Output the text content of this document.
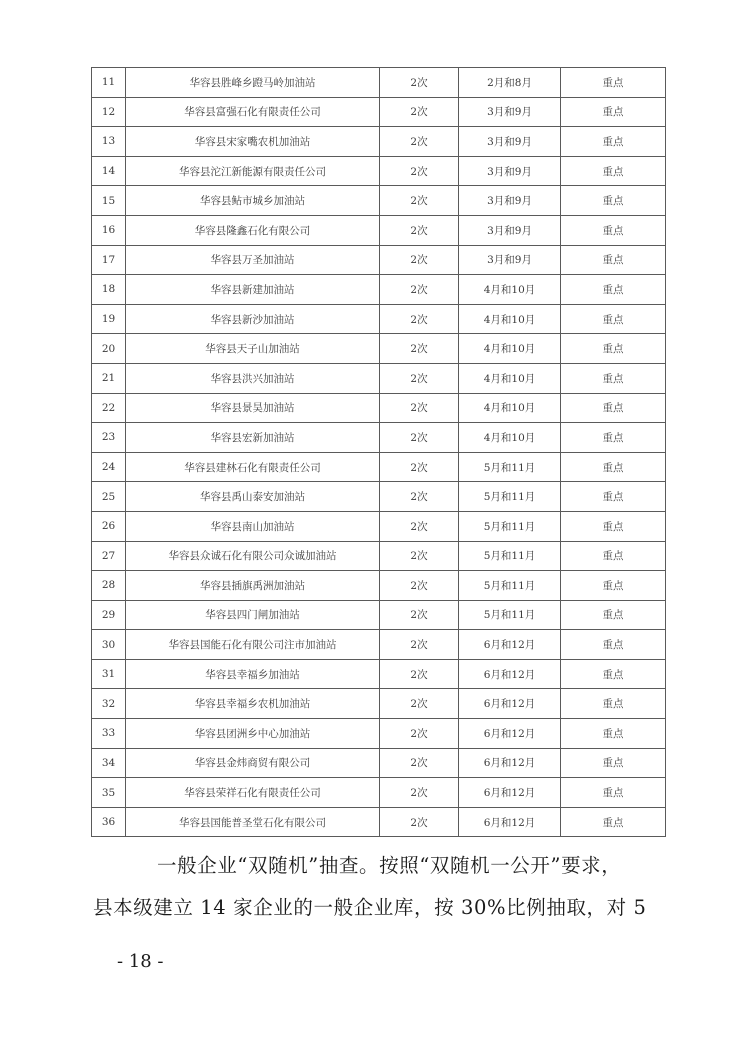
11	华容县胜峰乡蹬马岭加油站	2次	2月和8月	重点
12	华容县富强石化有限责任公司	2次	3月和9月	重点
13	华容县宋家嘴农机加油站	2次	3月和9月	重点
14	华容县沱江新能源有限责任公司	2次	3月和9月	重点
15	华容县鲇市城乡加油站	2次	3月和9月	重点
16	华容县隆鑫石化有限公司	2次	3月和9月	重点
17	华容县万圣加油站	2次	3月和9月	重点
18	华容县新建加油站	2次	4月和10月	重点
19	华容县新沙加油站	2次	4月和10月	重点
20	华容县天子山加油站	2次	4月和10月	重点
21	华容县洪兴加油站	2次	4月和10月	重点
22	华容县景昊加油站	2次	4月和10月	重点
23	华容县宏新加油站	2次	4月和10月	重点
24	华容县建林石化有限责任公司	2次	5月和11月	重点
25	华容县禹山泰安加油站	2次	5月和11月	重点
26	华容县南山加油站	2次	5月和11月	重点
27	华容县众诚石化有限公司众诚加油站	2次	5月和11月	重点
28	华容县插旗禹洲加油站	2次	5月和11月	重点
29	华容县四门闸加油站	2次	5月和11月	重点
30	华容县国能石化有限公司注市加油站	2次	6月和12月	重点
31	华容县幸福乡加油站	2次	6月和12月	重点
32	华容县幸福乡农机加油站	2次	6月和12月	重点
33	华容县团洲乡中心加油站	2次	6月和12月	重点
34	华容县金炜商贸有限公司	2次	6月和12月	重点
35	华容县荣祥石化有限责任公司	2次	6月和12月	重点
36	华容县国能普圣堂石化有限公司	2次	6月和12月	重点
一般企业“双随机”抽查。按照“双随机一公开”要求，
县本级建立 14 家企业的一般企业库，按 30%比例抽取，对 5
- 18 -
